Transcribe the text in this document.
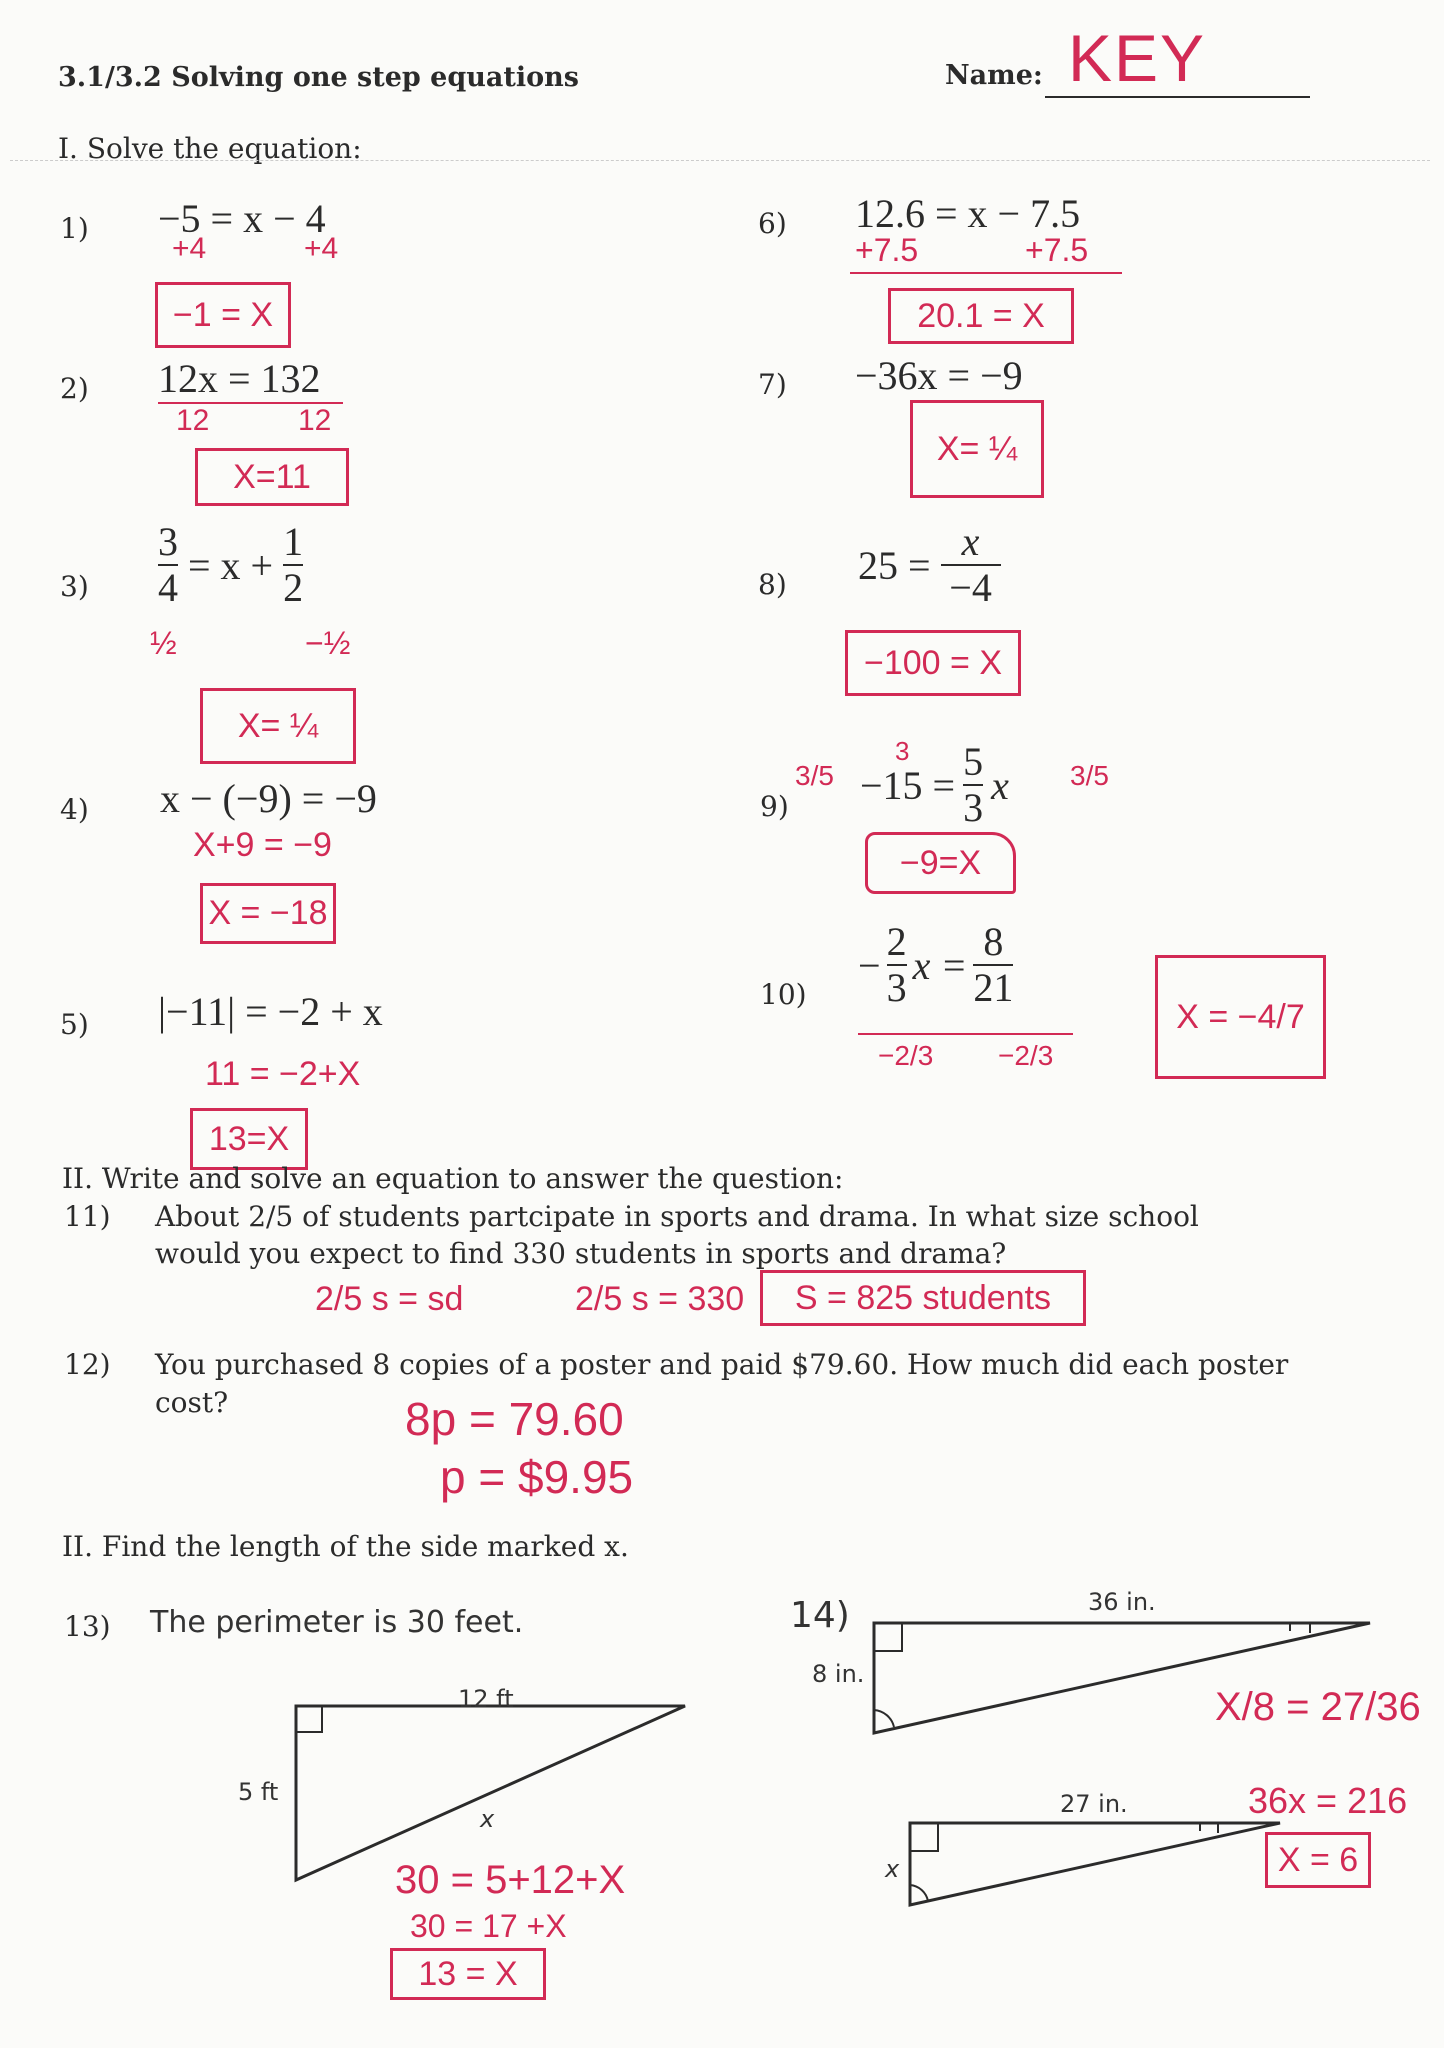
3.1/3.2 Solving one step equations	Name: KEY
I. Solve the equation:
1) −5 = x − 4
+4	+4
−1 = X
2) 12x = 132
12	12
X=11
$3) \frac{3}{4} = x + \frac{1}{2}$
½	−½
X= ¼
4) x − (−9) = −9
X+9 = −9
X = −18
5) |−11| = −2 + x
11 = −2+X
13=X
6) 12.6 = x − 7.5
+7.5	+7.5
20.1 = X
7) −36x = −9
X= ¼
8) $25 = \frac{x}{-4}$
−100 = X
9)
3/5
3
$-15 = \frac{5}{3}$ x 3/5
−9=X
10)
− $\frac{2}{3}$ $x = \frac{8}{21}$
−2/3 −2/3
X = −4/7
II. Write and solve an equation to answer the question:
11) About 2/5 of students partcipate in sports and drama. In what size school
would you expect to find 330 students in sports and drama?
2/5 s = sd	2/5 s = 330	S = 825 students
12) You purchased 8 copies of a poster and paid $79.60. How much did each poster
cost?	8p = 79.60
p = $9.95
II. Find the length of the side marked x.
13) The perimeter is 30 feet.
12 ft
5 ft
x
30 = 5+12+X
30 = 17 +X
13 = X
14)	36 in.
8 in.
27 in.
x
X/8 = 27/36
36x = 216
X = 6
